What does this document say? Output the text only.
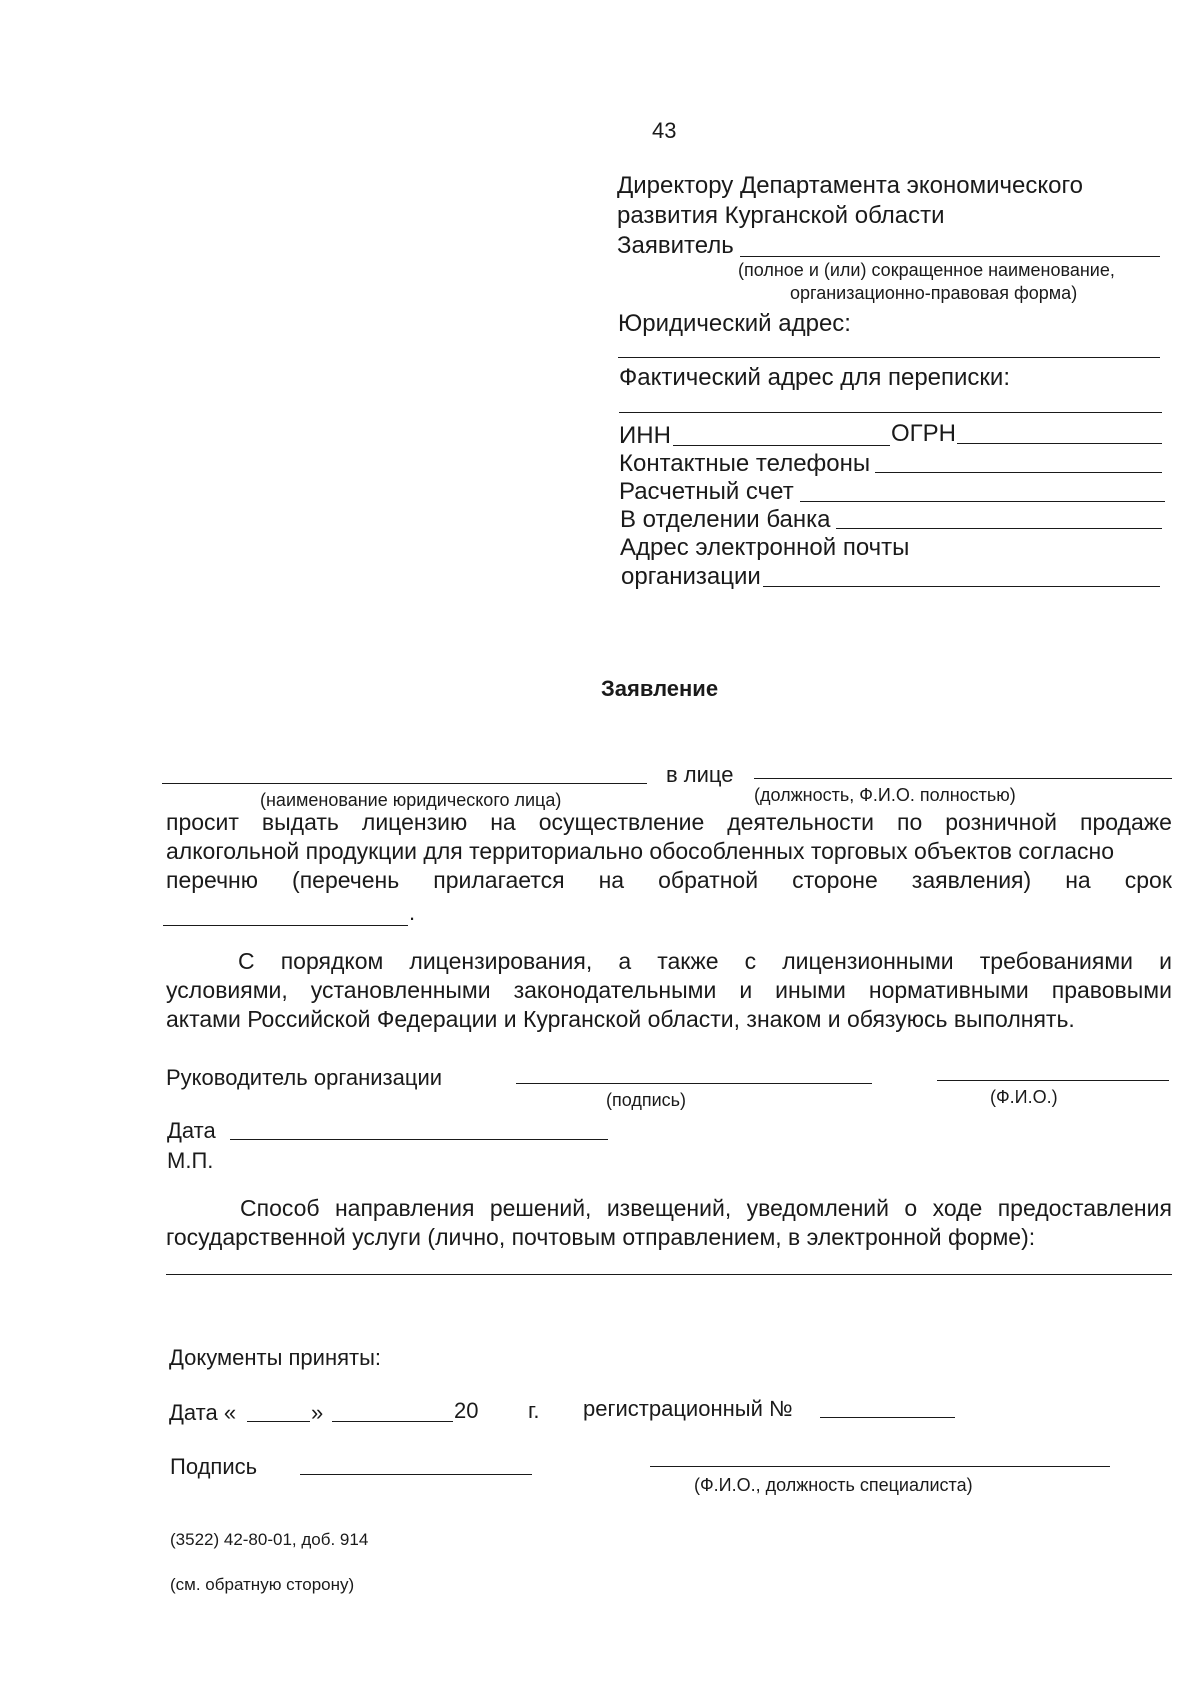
43
Директору Департамента экономического
развития Курганской области
Заявитель
(полное и (или) сокращенное наименование,
организационно-правовая форма)
Юридический адрес:
Фактический адрес для переписки:
ИНН	ОГРН
Контактные телефоны
Расчетный счет
В отделении банка
Адрес электронной почты
организации
Заявление
в лице
(наименование юридического лица)	(должность, Ф.И.О. полностью)
просит выдать лицензию на осуществление деятельности по розничной продаже
алкогольной продукции для территориально обособленных торговых объектов согласно
перечню (перечень прилагается на обратной стороне заявления) на срок
.
С порядком лицензирования, а также с лицензионными требованиями и
условиями, установленными законодательными и иными нормативными правовыми
актами Российской Федерации и Курганской области, знаком и обязуюсь выполнять.
Руководитель организации
(подпись)	(Ф.И.О.)
Дата
М.П.
Способ направления решений, извещений, уведомлений о ходе предоставления
государственной услуги (лично, почтовым отправлением, в электронной форме):
Документы приняты:
Дата «	»	20 г. регистрационный №
Подпись
(Ф.И.О., должность специалиста)
(3522) 42-80-01, доб. 914
(см. обратную сторону)
